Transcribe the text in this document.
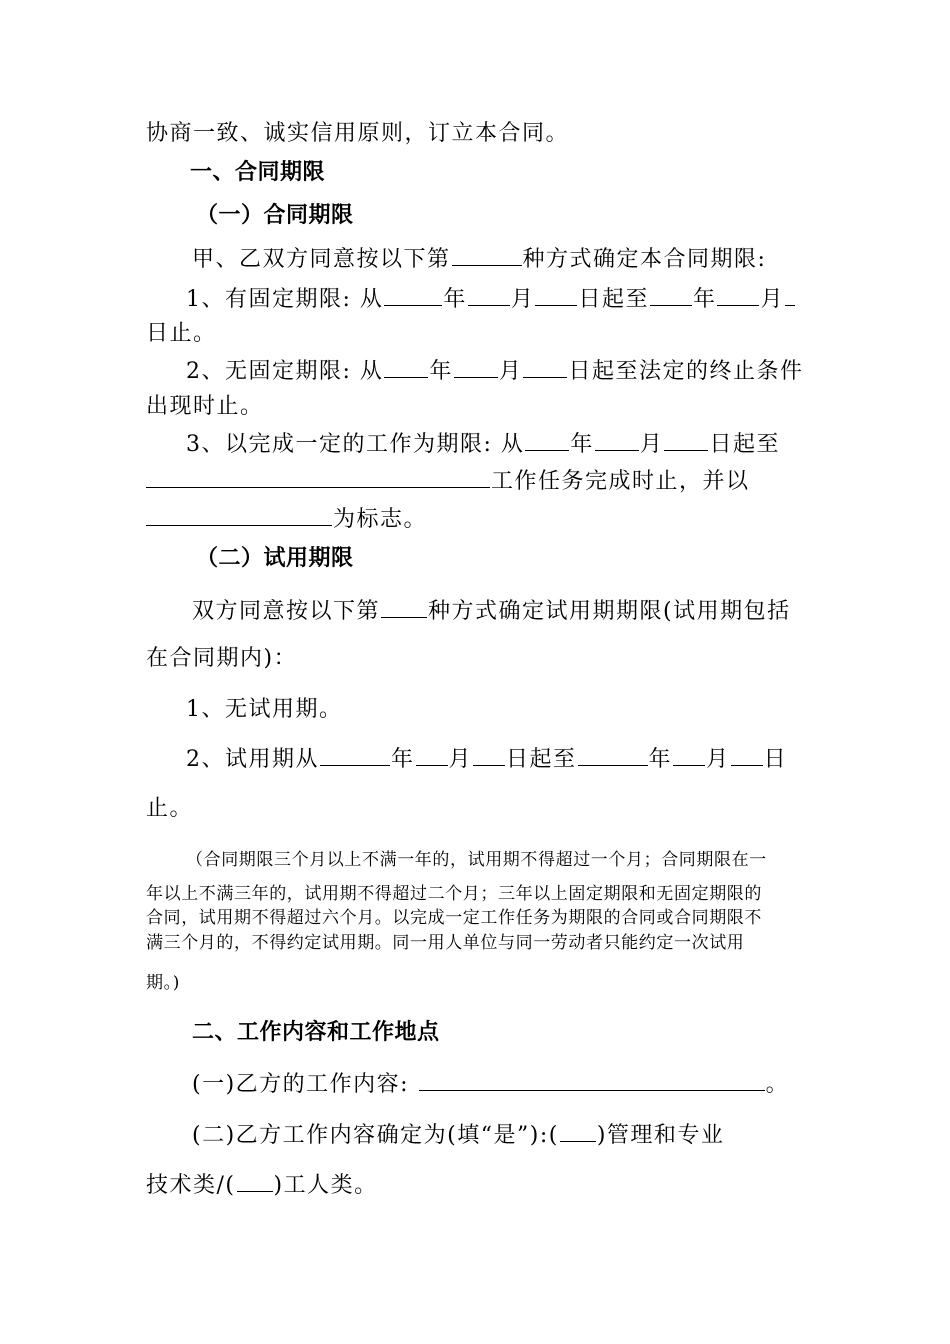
协商一致、诚实信用原则，订立本合同。
一、合同期限
（一）合同期限
甲、乙双方同意按以下第	种方式确定本合同期限:
1、有固定期限: 从	年 月 日起至 年 月
日止。
2、无固定期限: 从 年 月 日起至法定的终止条件
出现时止。
3、以完成一定的工作为期限: 从 年 月 日起至
工作任务完成时止，并以
为标志。
（二）试用期限
双方同意按以下第 种方式确定试用期期限(试用期包括
在合同期内)：
1、无试用期。
2、试用期从	年 月 日起至	年 月 日
止。
（合同期限三个月以上不满一年的，试用期不得超过一个月；合同期限在一
年以上不满三年的，试用期不得超过二个月；三年以上固定期限和无固定期限的
合同，试用期不得超过六个月。以完成一定工作任务为期限的合同或合同期限不
满三个月的，不得约定试用期。同一用人单位与同一劳动者只能约定一次试用
期。)
二、工作内容和工作地点
(一)乙方的工作内容:	。
(二)乙方工作内容确定为(填“是”):( )管理和专业
技术类/( )工人类。
